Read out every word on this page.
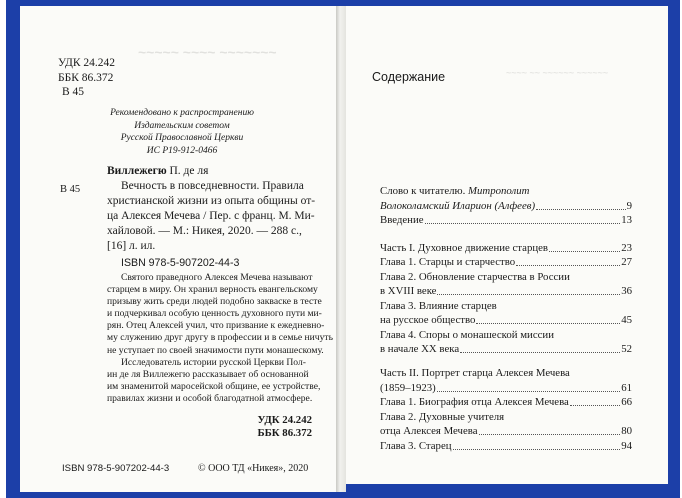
~~~~~ ~~~~ ~~~~~~~
УДК 24.242
ББК 86.372
В 45
Рекомендовано к распространению
Издательским советом
Русской Православной Церкви
ИС Р19-912-0466
Виллежегю П. де ля
В 45	Вечность в повседневности. Правила
христианской жизни из опыта общины от-
ца Алексея Мечева / Пер. с франц. М. Ми-
хайловой. — М.: Никея, 2020. — 288 с.,
[16] л. ил.
ISBN 978-5-907202-44-3
Святого праведного Алексея Мечева называют
старцем в миру. Он хранил верность евангельскому
призыву жить среди людей подобно закваске в тесте
и подчеркивал особую ценность духовного пути ми-
рян. Отец Алексей учил, что призвание к ежедневно-
му служению друг другу в профессии и в семье ничуть
не уступает по своей значимости пути монашескому.
Исследователь истории русской Церкви Пол-
ин де ля Виллежегю рассказывает об основанной
им знаменитой маросейской общине, ее устройстве,
правилах жизни и особой благодатной атмосфере.
УДК 24.242
ББК 86.372
ISBN 978-5-907202-44-3	© ООО ТД «Никея», 2020
Содержание	~~~~ ~~ ~~~~~~ ~~~~~~
Слово к читателю. Митрополит
Волоколамский Иларион (Алфеев)	9
Введение	13
Часть I. Духовное движение старцев	23
Глава 1. Старцы и старчество	27
Глава 2. Обновление старчества в России
в XVIII веке	36
Глава 3. Влияние старцев
на русское общество	45
Глава 4. Споры о монашеской миссии
в начале XX века	52
Часть II. Портрет старца Алексея Мечева
(1859–1923)	61
Глава 1. Биография отца Алексея Мечева	66
Глава 2. Духовные учителя
отца Алексея Мечева	80
Глава 3. Старец	94
